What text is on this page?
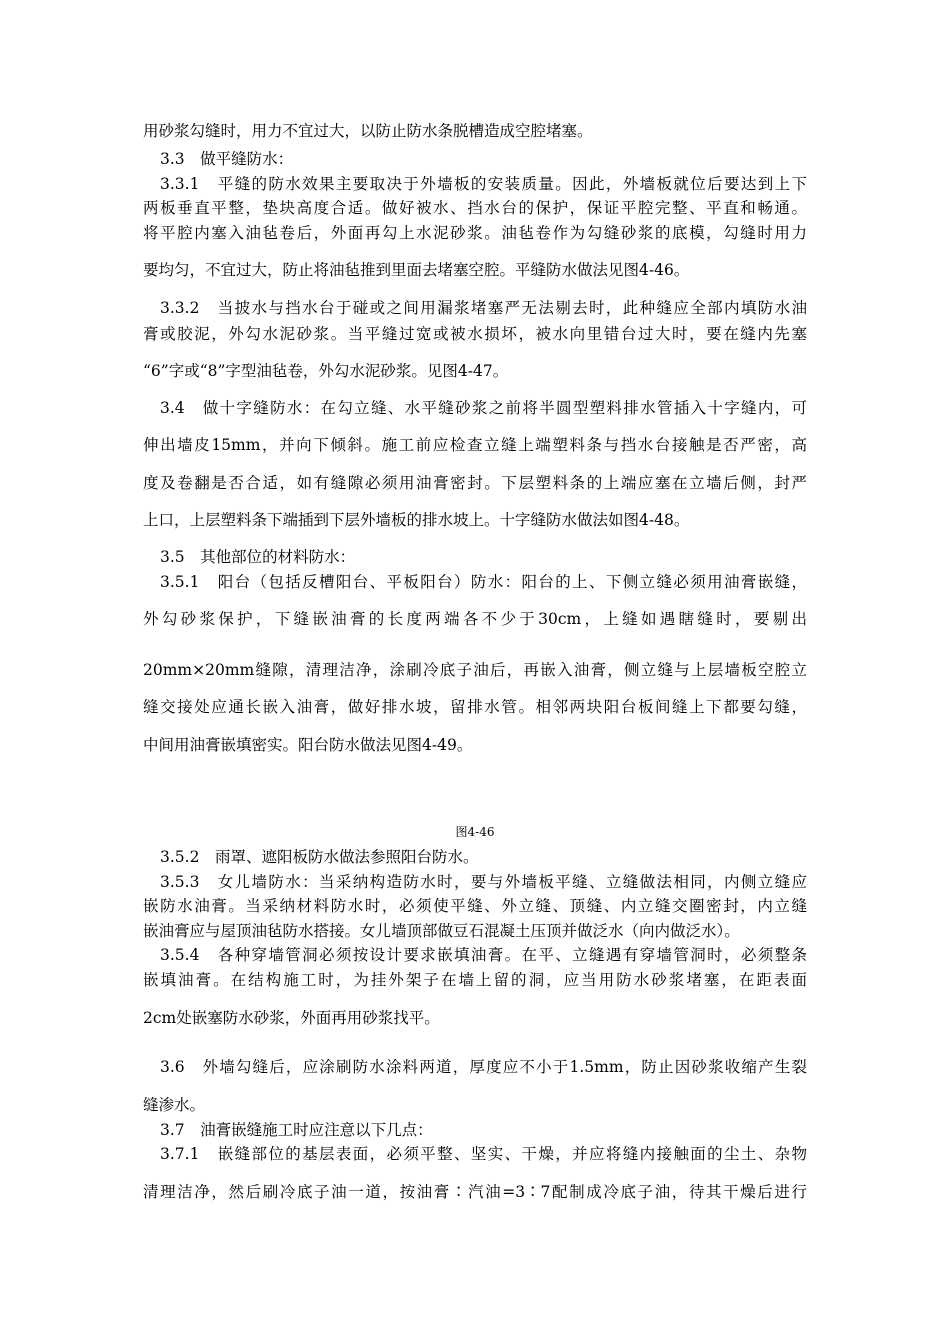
用砂浆勾缝时，用力不宜过大，以防止防水条脱槽造成空腔堵塞。

3.3　做平缝防水：

3.3.1　平缝的防水效果主要取决于外墙板的安装质量。因此，外墙板就位后要达到上下

两板垂直平整，垫块高度合适。做好被水、挡水台的保护，保证平腔完整、平直和畅通。

将平腔内塞入油毡卷后，外面再勾上水泥砂浆。油毡卷作为勾缝砂浆的底模，勾缝时用力

要均匀，不宜过大，防止将油毡推到里面去堵塞空腔。平缝防水做法见图4-46。

3.3.2　当披水与挡水台于碰或之间用漏浆堵塞严无法剔去时，此种缝应全部内填防水油

膏或胶泥，外勾水泥砂浆。当平缝过宽或被水损坏，被水向里错台过大时，要在缝内先塞

“6”字或“8”字型油毡卷，外勾水泥砂浆。见图4-47。

3.4　做十字缝防水：在勾立缝、水平缝砂浆之前将半圆型塑料排水管插入十字缝内，可

伸出墙皮15mm，并向下倾斜。施工前应检查立缝上端塑料条与挡水台接触是否严密，高

度及卷翻是否合适，如有缝隙必须用油膏密封。下层塑料条的上端应塞在立墙后侧，封严

上口，上层塑料条下端插到下层外墙板的排水坡上。十字缝防水做法如图4-48。

3.5　其他部位的材料防水：

3.5.1　阳台（包括反槽阳台、平板阳台）防水：阳台的上、下侧立缝必须用油膏嵌缝，

外勾砂浆保护，下缝嵌油膏的长度两端各不少于30cm，上缝如遇瞎缝时，要剔出

20mm×20mm缝隙，清理洁净，涂刷冷底子油后，再嵌入油膏，侧立缝与上层墙板空腔立

缝交接处应通长嵌入油膏，做好排水坡，留排水管。相邻两块阳台板间缝上下都要勾缝，

中间用油膏嵌填密实。阳台防水做法见图4-49。

图4-46

3.5.2　雨罩、遮阳板防水做法参照阳台防水。

3.5.3　女儿墙防水：当采纳构造防水时，要与外墙板平缝、立缝做法相同，内侧立缝应

嵌防水油膏。当采纳材料防水时，必须使平缝、外立缝、顶缝、内立缝交圈密封，内立缝

嵌油膏应与屋顶油毡防水搭接。女儿墙顶部做豆石混凝土压顶并做泛水（向内做泛水）。

3.5.4　各种穿墙管洞必须按设计要求嵌填油膏。在平、立缝遇有穿墙管洞时，必须整条

嵌填油膏。在结构施工时，为挂外架子在墙上留的洞，应当用防水砂浆堵塞，在距表面

2cm处嵌塞防水砂浆，外面再用砂浆找平。

3.6　外墙勾缝后，应涂刷防水涂料两道，厚度应不小于1.5mm，防止因砂浆收缩产生裂

缝渗水。

3.7　油膏嵌缝施工时应注意以下几点：

3.7.1　嵌缝部位的基层表面，必须平整、坚实、干燥，并应将缝内接触面的尘土、杂物

清理洁净，然后刷冷底子油一道，按油膏∶汽油=3∶7配制成冷底子油，待其干燥后进行
